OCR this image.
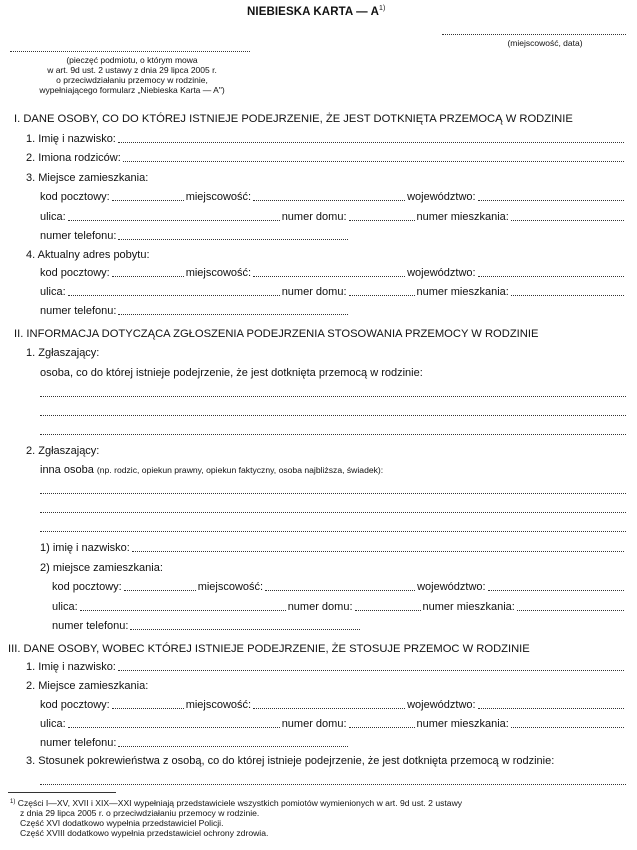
NIEBIESKA KARTA — $A^{1)}$
(miejscowość, data)
(pieczęć podmiotu, o którym mowa
w art. 9d ust. 2 ustawy z dnia 29 lipca 2005 r.
o przeciwdziałaniu przemocy w rodzinie,
wypełniającego formularz „Niebieska Karta — A")
I. DANE OSOBY, CO DO KTÓREJ ISTNIEJE PODEJRZENIE, ŻE JEST DOTKNIĘTA PRZEMOCĄ W RODZINIE
1. Imię i nazwisko:
2. Imiona rodziców:
3. Miejsce zamieszkania:
kod pocztowy:	miejscowość:	województwo:
ulica:	numer domu:	numer mieszkania:
numer telefonu:
4. Aktualny adres pobytu:
kod pocztowy:	miejscowość:	województwo:
ulica:	numer domu:	numer mieszkania:
numer telefonu:
II. INFORMACJA DOTYCZĄCA ZGŁOSZENIA PODEJRZENIA STOSOWANIA PRZEMOCY W RODZINIE
1. Zgłaszający:
osoba, co do której istnieje podejrzenie, że jest dotknięta przemocą w rodzinie:
2. Zgłaszający:
inna osoba
(np. rodzic, opiekun prawny, opiekun faktyczny, osoba najbliższa, świadek):
1) imię i nazwisko:
2) miejsce zamieszkania:
kod pocztowy:	miejscowość:	województwo:
ulica:	numer domu:	numer mieszkania:
numer telefonu:
III. DANE OSOBY, WOBEC KTÓREJ ISTNIEJE PODEJRZENIE, ŻE STOSUJE PRZEMOC W RODZINIE
1. Imię i nazwisko:
2. Miejsce zamieszkania:
kod pocztowy:	miejscowość:	województwo:
ulica:	numer domu:	numer mieszkania:
numer telefonu:
3. Stosunek pokrewieństwa z osobą, co do której istnieje podejrzenie, że jest dotknięta przemocą w rodzinie:
$^{1)}$ Części I—XV, XVII i XIX—XXI wypełniają przedstawiciele wszystkich pomiotów wymienionych w art. 9d ust. 2 ustawy
z dnia 29 lipca 2005 r. o przeciwdziałaniu przemocy w rodzinie.
Część XVI dodatkowo wypełnia przedstawiciel Policji.
Część XVIII dodatkowo wypełnia przedstawiciel ochrony zdrowia.
